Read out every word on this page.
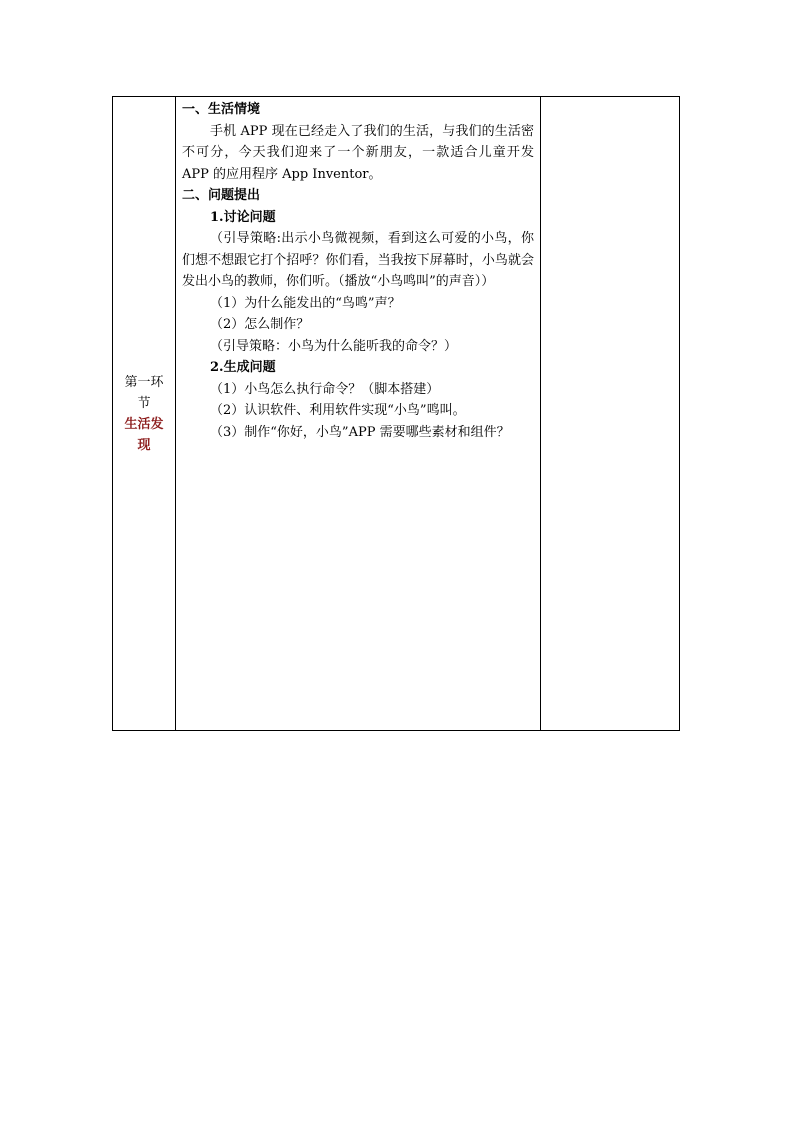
第一环节
生活发现
一、生活情境
手机 APP 现在已经走入了我们的生活，与我们的生活密不可分，今天我们迎来了一个新朋友，一款适合儿童开发 APP 的应用程序 App Inventor。
二、问题提出
1.讨论问题
（引导策略:出示小鸟微视频，看到这么可爱的小鸟，你们想不想跟它打个招呼？你们看，当我按下屏幕时，小鸟就会发出小鸟的教师，你们听。（播放“小鸟鸣叫”的声音））
（1）为什么能发出的“鸟鸣”声？
（2）怎么制作？
（引导策略：小鸟为什么能听我的命令？）
2.生成问题
（1）小鸟怎么执行命令？（脚本搭建）
（2）认识软件、利用软件实现“小鸟”鸣叫。
（3）制作“你好，小鸟”APP 需要哪些素材和组件？
